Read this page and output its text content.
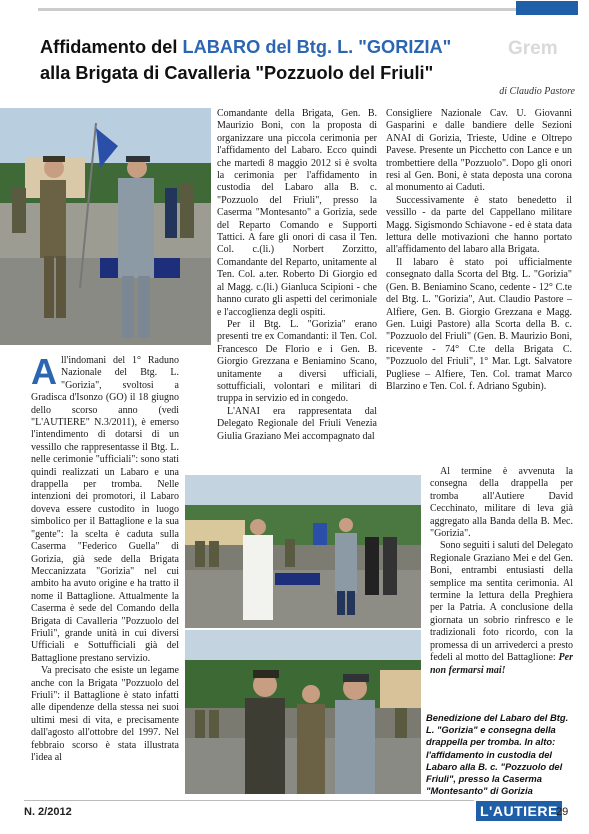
Affidamento del LABARO del Btg. L. "GORIZIA"
alla Brigata di Cavalleria "Pozzuolo del Friuli"
Grem
di Claudio Pastore
A ll'indomani del 1° Raduno Nazionale del Btg. L. "Gorizia", svoltosi a Gradisca d'Isonzo (GO) il 18 giugno dello scorso anno (vedi "L'AUTIERE" N.3/2011), è emerso l'intendimento di dotarsi di un vessillo che rappresentasse il Btg. L. nelle cerimonie "ufficiali": sono stati quindi realizzati un Labaro e una drappella per tromba. Nelle intenzioni dei promotori, il Labaro doveva essere custodito in luogo simbolico per il Battaglione e la sua "gente": la scelta è caduta sulla Caserma "Federico Guella" di Gorizia, già sede della Brigata Meccanizzata "Gorizia" nel cui ambito ha avuto origine e ha tratto il nome il Battaglione. Attualmente la Caserma è sede del Comando della Brigata di Cavalleria "Pozzuolo del Friuli", grande unità in cui diversi Ufficiali e Sottufficiali già del Battaglione prestano servizio.

Va precisato che esiste un legame anche con la Brigata "Pozzuolo del Friuli": il Battaglione è stato infatti alle dipendenze della stessa nei suoi ultimi mesi di vita, e precisamente dall'agosto all'ottobre del 1997. Nel febbraio scorso è stata illustrata l'idea al

Comandante della Brigata, Gen. B. Maurizio Boni, con la proposta di organizzare una piccola cerimonia per l'affidamento del Labaro. Ecco quindi che martedì 8 maggio 2012 si è svolta la cerimonia per l'affidamento in custodia del Labaro alla B. c. "Pozzuolo del Friuli", presso la Caserma "Montesanto" a Gorizia, sede del Reparto Comando e Supporti Tattici. A fare gli onori di casa il Ten. Col. c.(li.) Norbert Zorzitto, Comandante del Reparto, unitamente al Ten. Col. a.ter. Roberto Di Giorgio ed al Magg. c.(li.) Gianluca Scipioni - che hanno curato gli aspetti del cerimoniale e l'accoglienza degli ospiti.

Per il Btg. L. "Gorizia" erano presenti tre ex Comandanti: il Ten. Col. Francesco De Florio e i Gen. B. Giorgio Grezzana e Beniamino Scano, unitamente a diversi ufficiali, sottufficiali, volontari e militari di truppa in servizio ed in congedo.

L'ANAI era rappresentata dal Delegato Regionale del Friuli Venezia Giulia Graziano Mei accompagnato dal

Consigliere Nazionale Cav. U. Giovanni Gasparini e dalle bandiere delle Sezioni ANAI di Gorizia, Trieste, Udine e Oltrepo Pavese. Presente un Picchetto con Lance e un trombettiere della "Pozzuolo". Dopo gli onori resi al Gen. Boni, è stata deposta una corona al monumento ai Caduti.

Successivamente è stato benedetto il vessillo - da parte del Cappellano militare Magg. Sigismondo Schiavone - ed è stata data lettura delle motivazioni che hanno portato all'affidamento del labaro alla Brigata.

Il labaro è stato poi ufficialmente consegnato dalla Scorta del Btg. L. "Gorizia" (Gen. B. Beniamino Scano, cedente - 12° C.te del Btg. L. "Gorizia", Aut. Claudio Pastore – Alfiere, Gen. B. Giorgio Grezzana e Magg. Gen. Luigi Pastore) alla Scorta della B. c. "Pozzuolo del Friuli" (Gen. B. Maurizio Boni, ricevente - 74° C.te della Brigata C. "Pozzuolo del Friuli", 1° Mar. Lgt. Salvatore Pugliese – Alfiere, Ten. Col. tramat Marco Blarzino e Ten. Col. f. Adriano Sgubin).

Al termine è avvenuta la consegna della drappella per tromba all'Autiere David Cecchinato, militare di leva già aggregato alla Banda della B. Mec. "Gorizia".

Sono seguiti i saluti del Delegato Regionale Graziano Mei e del Gen. Boni, entrambi entusiasti della semplice ma sentita cerimonia. Al termine la lettura della Preghiera per la Patria. A conclusione della giornata un sobrio rinfresco e le tradizionali foto ricordo, con la promessa di un arrivederci a presto fedeli al motto del Battaglione: Per non fermarsi mai!

Benedizione del Labaro del Btg. L. "Gorizia" e consegna della drappella per tromba. In alto: l'affidamento in custodia del Labaro alla B. c. "Pozzuolo del Friuli", presso la Caserma "Montesanto" di Gorizia
N. 2/2012	L'AUTIERE
29
